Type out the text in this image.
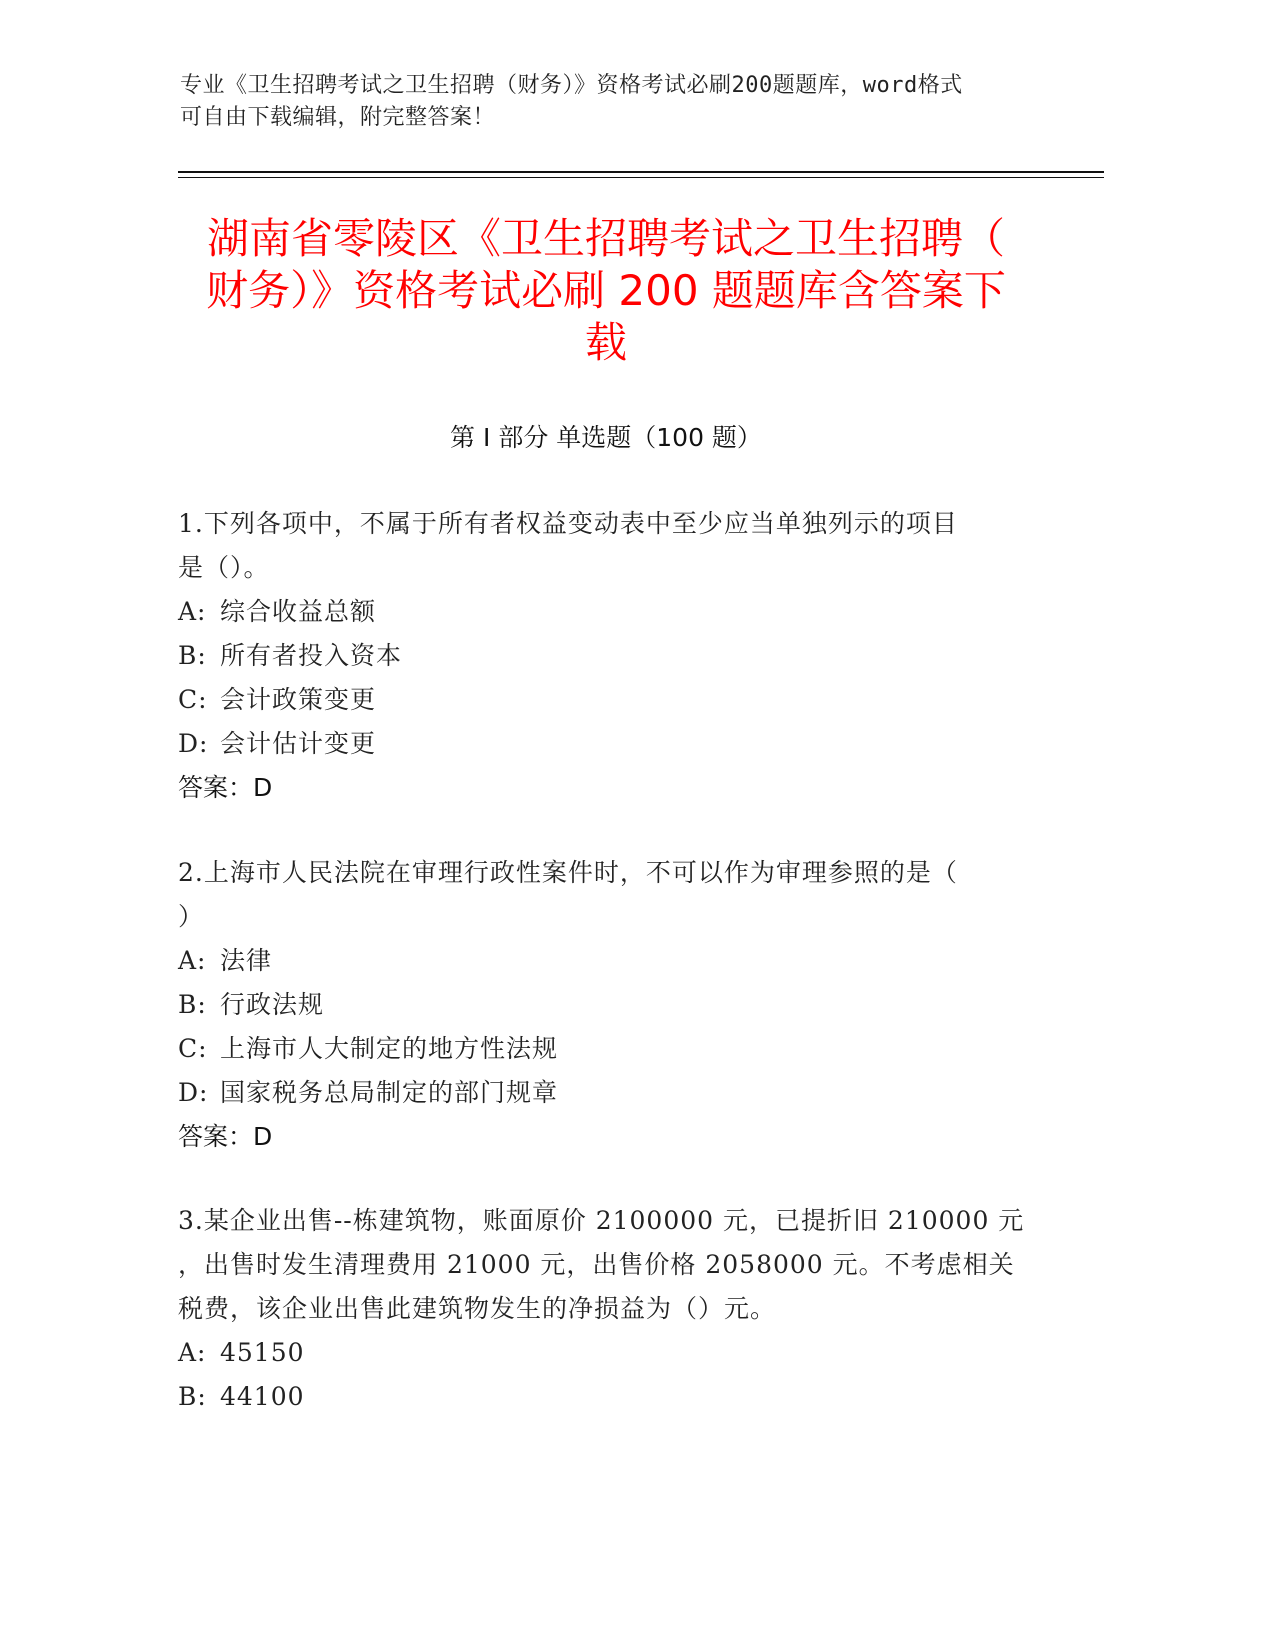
专业《卫生招聘考试之卫生招聘（财务）》资格考试必刷200题题库，word格式
可自由下载编辑，附完整答案！
湖南省零陵区《卫生招聘考试之卫生招聘（
财务）》资格考试必刷 200 题题库含答案下
载
第 I 部分 单选题（100 题）
1.下列各项中，不属于所有者权益变动表中至少应当单独列示的项目
是（）。
A: 综合收益总额
B: 所有者投入资本
C: 会计政策变更
D: 会计估计变更
答案：D
2.上海市人民法院在审理行政性案件时，不可以作为审理参照的是（
）
A: 法律
B: 行政法规
C: 上海市人大制定的地方性法规
D: 国家税务总局制定的部门规章
答案：D
3.某企业出售--栋建筑物，账面原价 2100000 元，已提折旧 210000 元
，出售时发生清理费用 21000 元，出售价格 2058000 元。不考虑相关
税费，该企业出售此建筑物发生的净损益为（）元。
A: 45150
B: 44100
